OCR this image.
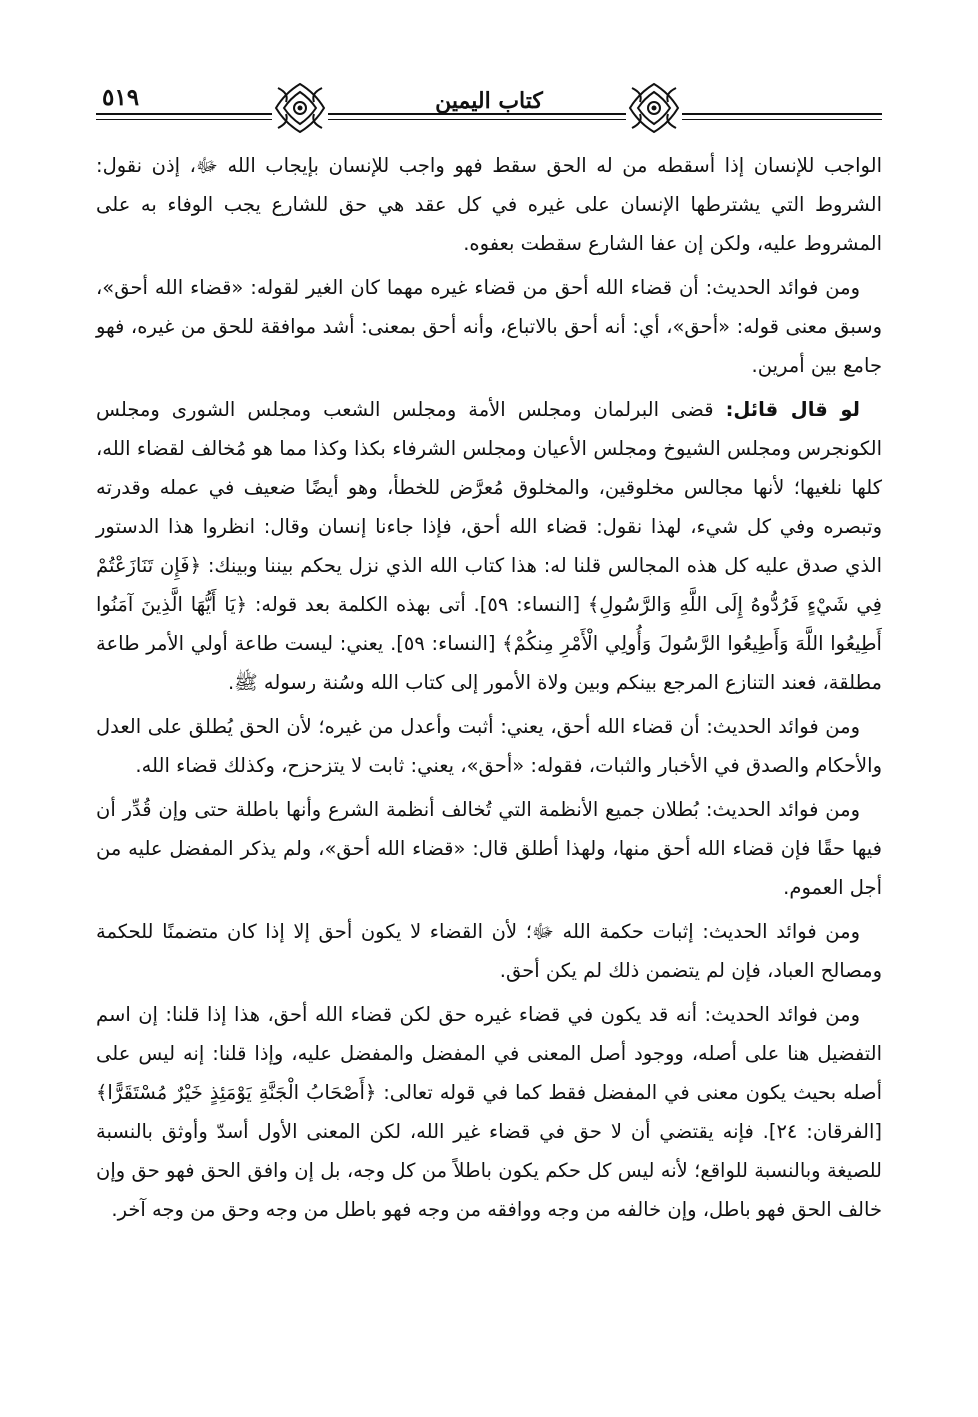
٥١٩	كتاب اليمين

الواجب للإنسان إذا أسقطه من له الحق سقط فهو واجب للإنسان بإيجاب الله ﷻ، إذن نقول: الشروط التي يشترطها الإنسان على غيره في كل عقد هي حق للشارع يجب الوفاء به على المشروط عليه، ولكن إن عفا الشارع سقطت بعفوه.

ومن فوائد الحديث: أن قضاء الله أحق من قضاء غيره مهما كان الغير لقوله: «قضاء الله أحق»، وسبق معنى قوله: «أحق»، أي: أنه أحق بالاتباع، وأنه أحق بمعنى: أشد موافقة للحق من غيره، فهو جامع بين أمرين.

لو قال قائل: قضى البرلمان ومجلس الأمة ومجلس الشعب ومجلس الشورى ومجلس الكونجرس ومجلس الشيوخ ومجلس الأعيان ومجلس الشرفاء بكذا وكذا مما هو مُخالف لقضاء الله، كلها نلغيها؛ لأنها مجالس مخلوقين، والمخلوق مُعرَّض للخطأ، وهو أيضًا ضعيف في عمله وقدرته وتبصره وفي كل شيء، لهذا نقول: قضاء الله أحق، فإذا جاءنا إنسان وقال: انظروا هذا الدستور الذي صدق عليه كل هذه المجالس قلنا له: هذا كتاب الله الذي نزل يحكم بيننا وبينك: ﴿فَإِن تَنَازَعْتُمْ فِي شَيْءٍ فَرُدُّوهُ إِلَى اللَّهِ وَالرَّسُولِ﴾ [النساء: ٥٩]. أتى بهذه الكلمة بعد قوله: ﴿يَا أَيُّهَا الَّذِينَ آمَنُوا أَطِيعُوا اللَّهَ وَأَطِيعُوا الرَّسُولَ وَأُولِي الْأَمْرِ مِنكُمْ﴾ [النساء: ٥٩]. يعني: ليست طاعة أولي الأمر طاعة مطلقة، فعند التنازع المرجع بينكم وبين ولاة الأمور إلى كتاب الله وسُنة رسوله ﷺ.

ومن فوائد الحديث: أن قضاء الله أحق، يعني: أثبت وأعدل من غيره؛ لأن الحق يُطلق على العدل والأحكام والصدق في الأخبار والثبات، فقوله: «أحق»، يعني: ثابت لا يتزحزح، وكذلك قضاء الله.

ومن فوائد الحديث: بُطلان جميع الأنظمة التي تُخالف أنظمة الشرع وأنها باطلة حتى وإن قُدِّر أن فيها حقًا فإن قضاء الله أحق منها، ولهذا أطلق قال: «قضاء الله أحق»، ولم يذكر المفضل عليه من أجل العموم.

ومن فوائد الحديث: إثبات حكمة الله ﷻ؛ لأن القضاء لا يكون أحق إلا إذا كان متضمنًا للحكمة ومصالح العباد، فإن لم يتضمن ذلك لم يكن أحق.

ومن فوائد الحديث: أنه قد يكون في قضاء غيره حق لكن قضاء الله أحق، هذا إذا قلنا: إن اسم التفضيل هنا على أصله، ووجود أصل المعنى في المفضل والمفضل عليه، وإذا قلنا: إنه ليس على أصله بحيث يكون معنى في المفضل فقط كما في قوله تعالى: ﴿أَصْحَابُ الْجَنَّةِ يَوْمَئِذٍ خَيْرٌ مُسْتَقَرًّا﴾ [الفرقان: ٢٤]. فإنه يقتضي أن لا حق في قضاء غير الله، لكن المعنى الأول أسدّ وأوثق بالنسبة للصيغة وبالنسبة للواقع؛ لأنه ليس كل حكم يكون باطلاً من كل وجه، بل إن وافق الحق فهو حق وإن خالف الحق فهو باطل، وإن خالفه من وجه ووافقه من وجه فهو باطل من وجه وحق من وجه آخر.
